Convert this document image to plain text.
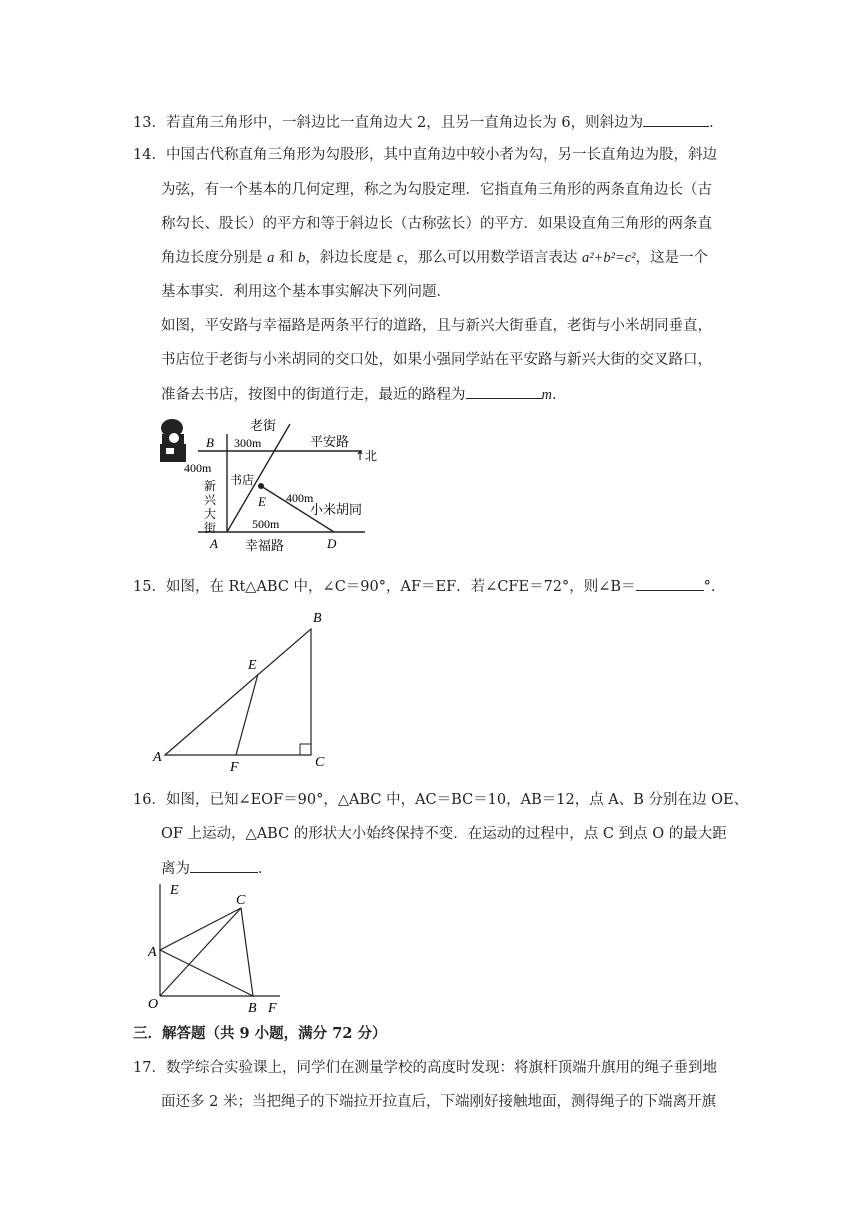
13．若直角三角形中，一斜边比一直角边大 2，且另一直角边长为 6，则斜边为	．
14．中国古代称直角三角形为勾股形，其中直角边中较小者为勾，另一长直角边为股，斜边
为弦，有一个基本的几何定理，称之为勾股定理．它指直角三角形的两条直角边长（古
称勾长、股长）的平方和等于斜边长（古称弦长）的平方．如果设直角三角形的两条直
角边长度分别是 a 和 b，斜边长度是 c，那么可以用数学语言表达 a²+b²=c²，这是一个
基本事实．利用这个基本事实解决下列问题．
如图，平安路与幸福路是两条平行的道路，且与新兴大街垂直，老街与小米胡同垂直，
书店位于老街与小米胡同的交口处，如果小强同学站在平安路与新兴大街的交叉路口，
准备去书店，按图中的街道行走，最近的路程为	m．
老街
平安路
↑北
B 300m
400m
新
兴
大
街
书店
E 400m
小米胡同
500m
A 幸福路	D
15．如图，在 Rt△ABC 中，∠C＝90°，AF＝EF．若∠CFE＝72°，则∠B＝	°．
A
B
C
E
F
16．如图，已知∠EOF＝90°，△ABC 中，AC＝BC＝10，AB＝12，点 A、B 分别在边 OE、
OF 上运动，△ABC 的形状大小始终保持不变．在运动的过程中，点 C 到点 O 的最大距
离为	．
E
C
A
O	B F
三．解答题（共 9 小题，满分 72 分）
17．数学综合实验课上，同学们在测量学校的高度时发现：将旗杆顶端升旗用的绳子垂到地
面还多 2 米；当把绳子的下端拉开拉直后，下端刚好接触地面，测得绳子的下端离开旗
